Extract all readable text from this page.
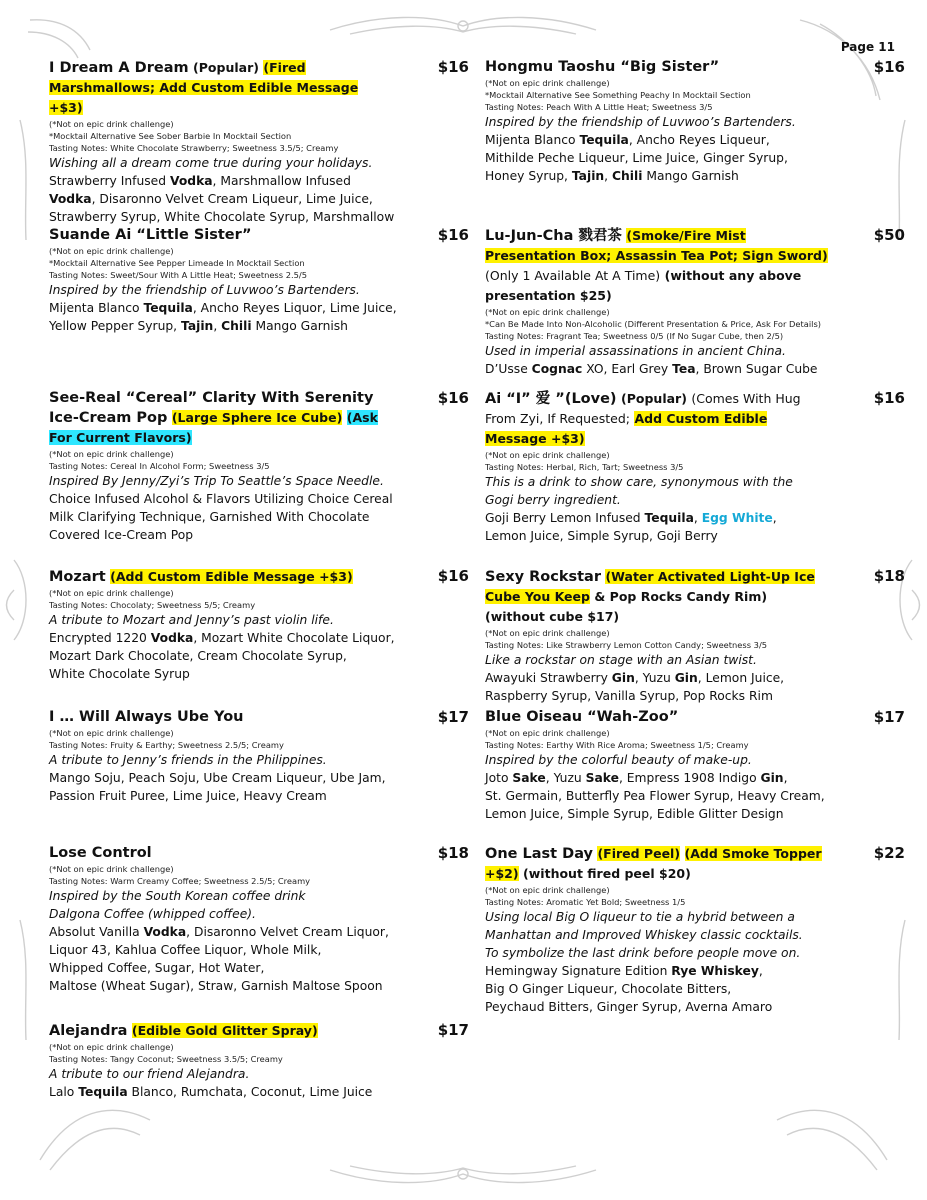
Page 11
I Dream A Dream (Popular) (Fired Marshmallows; Add Custom Edible Message +$3)
$16
(*Not on epic drink challenge)
*Mocktail Alternative See Sober Barbie In Mocktail Section
Tasting Notes: White Chocolate Strawberry; Sweetness 3.5/5; Creamy
Wishing all a dream come true during your holidays.
Strawberry Infused Vodka, Marshmallow Infused
Vodka, Disaronno Velvet Cream Liqueur, Lime Juice,
Strawberry Syrup, White Chocolate Syrup, Marshmallow
Suande Ai “Little Sister”	$16
(*Not on epic drink challenge)
*Mocktail Alternative See Pepper Limeade In Mocktail Section
Tasting Notes: Sweet/Sour With A Little Heat; Sweetness 2.5/5
Inspired by the friendship of Luvwoo’s Bartenders.
Mijenta Blanco Tequila, Ancho Reyes Liquor, Lime Juice,
Yellow Pepper Syrup, Tajin, Chili Mango Garnish
See-Real “Cereal” Clarity With Serenity Ice-Cream Pop (Large Sphere Ice Cube) (Ask For Current Flavors)
$16
(*Not on epic drink challenge)
Tasting Notes: Cereal In Alcohol Form; Sweetness 3/5
Inspired By Jenny/Zyi’s Trip To Seattle’s Space Needle.
Choice Infused Alcohol & Flavors Utilizing Choice Cereal
Milk Clarifying Technique, Garnished With Chocolate
Covered Ice-Cream Pop
Mozart (Add Custom Edible Message +$3)	$16
(*Not on epic drink challenge)
Tasting Notes: Chocolaty; Sweetness 5/5; Creamy
A tribute to Mozart and Jenny’s past violin life.
Encrypted 1220 Vodka, Mozart White Chocolate Liquor,
Mozart Dark Chocolate, Cream Chocolate Syrup,
White Chocolate Syrup
I … Will Always Ube You	$17
(*Not on epic drink challenge)
Tasting Notes: Fruity & Earthy; Sweetness 2.5/5; Creamy
A tribute to Jenny’s friends in the Philippines.
Mango Soju, Peach Soju, Ube Cream Liqueur, Ube Jam,
Passion Fruit Puree, Lime Juice, Heavy Cream
Lose Control	$18
(*Not on epic drink challenge)
Tasting Notes: Warm Creamy Coffee; Sweetness 2.5/5; Creamy
Inspired by the South Korean coffee drink
Dalgona Coffee (whipped coffee).
Absolut Vanilla Vodka, Disaronno Velvet Cream Liquor,
Liquor 43, Kahlua Coffee Liquor, Whole Milk,
Whipped Coffee, Sugar, Hot Water,
Maltose (Wheat Sugar), Straw, Garnish Maltose Spoon
Alejandra (Edible Gold Glitter Spray)	$17
(*Not on epic drink challenge)
Tasting Notes: Tangy Coconut; Sweetness 3.5/5; Creamy
A tribute to our friend Alejandra.
Lalo Tequila Blanco, Rumchata, Coconut, Lime Juice
Hongmu Taoshu “Big Sister”	$16
(*Not on epic drink challenge)
*Mocktail Alternative See Something Peachy In Mocktail Section
Tasting Notes: Peach With A Little Heat; Sweetness 3/5
Inspired by the friendship of Luvwoo’s Bartenders.
Mijenta Blanco Tequila, Ancho Reyes Liqueur,
Mithilde Peche Liqueur, Lime Juice, Ginger Syrup,
Honey Syrup, Tajin, Chili Mango Garnish
Lu-Jun-Cha 戮君茶 (Smoke/Fire Mist Presentation Box; Assassin Tea Pot; Sign Sword) (Only 1 Available At A Time) (without any above presentation $25)
$50
(*Not on epic drink challenge)
*Can Be Made Into Non-Alcoholic (Different Presentation & Price, Ask For Details)
Tasting Notes: Fragrant Tea; Sweetness 0/5 (If No Sugar Cube, then 2/5)
Used in imperial assassinations in ancient China.
D’Usse Cognac XO, Earl Grey Tea, Brown Sugar Cube
Ai “I” 爱 ”(Love) (Popular) (Comes With Hug From Zyi, If Requested; Add Custom Edible Message +$3)
$16
(*Not on epic drink challenge)
Tasting Notes: Herbal, Rich, Tart; Sweetness 3/5
This is a drink to show care, synonymous with the
Gogi berry ingredient.
Goji Berry Lemon Infused Tequila, Egg White,
Lemon Juice, Simple Syrup, Goji Berry
Sexy Rockstar (Water Activated Light-Up Ice Cube You Keep & Pop Rocks Candy Rim) (without cube $17)
$18
(*Not on epic drink challenge)
Tasting Notes: Like Strawberry Lemon Cotton Candy; Sweetness 3/5
Like a rockstar on stage with an Asian twist.
Awayuki Strawberry Gin, Yuzu Gin, Lemon Juice,
Raspberry Syrup, Vanilla Syrup, Pop Rocks Rim
Blue Oiseau “Wah-Zoo”	$17
(*Not on epic drink challenge)
Tasting Notes: Earthy With Rice Aroma; Sweetness 1/5; Creamy
Inspired by the colorful beauty of make-up.
Joto Sake, Yuzu Sake, Empress 1908 Indigo Gin,
St. Germain, Butterfly Pea Flower Syrup, Heavy Cream,
Lemon Juice, Simple Syrup, Edible Glitter Design
One Last Day (Fired Peel) (Add Smoke Topper +$2) (without fired peel $20)
$22
(*Not on epic drink challenge)
Tasting Notes: Aromatic Yet Bold; Sweetness 1/5
Using local Big O liqueur to tie a hybrid between a
Manhattan and Improved Whiskey classic cocktails.
To symbolize the last drink before people move on.
Hemingway Signature Edition Rye Whiskey,
Big O Ginger Liqueur, Chocolate Bitters,
Peychaud Bitters, Ginger Syrup, Averna Amaro
